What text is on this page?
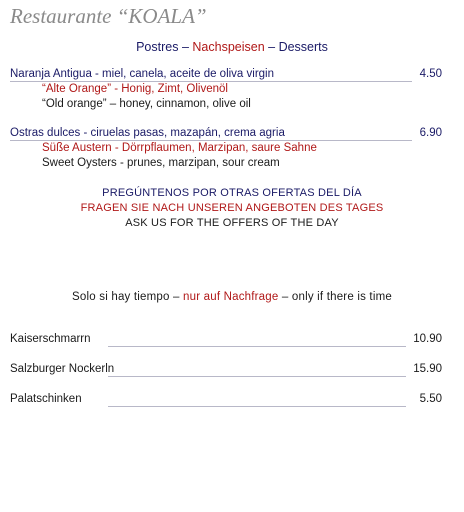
Restaurante “KOALA”
Postres – Nachspeisen – Desserts
Naranja Antigua - miel, canela, aceite de oliva virgin	4.50
“Alte Orange” - Honig, Zimt, Olivenöl
“Old orange” – honey, cinnamon, olive oil
Ostras dulces - ciruelas pasas, mazapán, crema agria	6.90
Süße Austern - Dörrpflaumen, Marzipan, saure Sahne
Sweet Oysters - prunes, marzipan, sour cream
PREGÚNTENOS POR OTRAS OFERTAS DEL DÍA
FRAGEN SIE NACH UNSEREN ANGEBOTEN DES TAGES
ASK US FOR THE OFFERS OF THE DAY
Solo si hay tiempo – nur auf Nachfrage – only if there is time
Kaiserschmarrn	10.90
Salzburger Nockerln	15.90
Palatschinken	5.50
